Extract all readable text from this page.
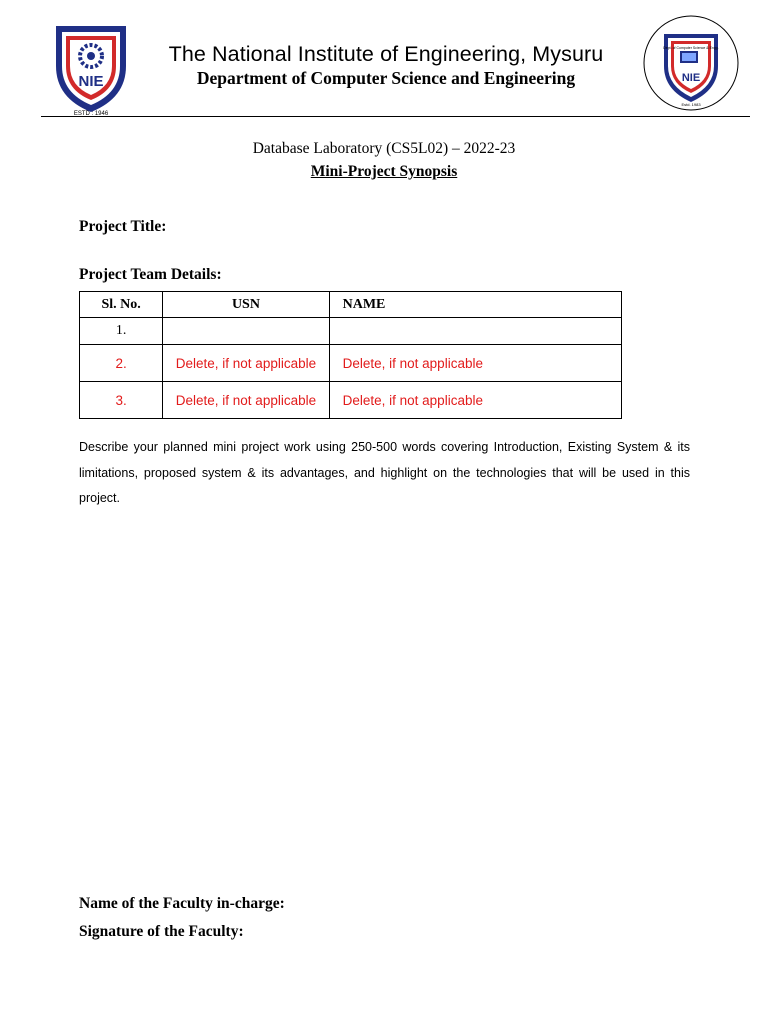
NIE
ESTD : 1946
The National Institute of Engineering, Mysuru
Department of Computer Science and Engineering	NIE
Dept. of Computer Science & Engg.
Estd. 1983
Database Laboratory (CS5L02) – 2022-23
Mini-Project Synopsis
Project Title:
Project Team Details:
Sl. No.	USN	NAME
1.		
2.	Delete, if not applicable	Delete, if not applicable
3.	Delete, if not applicable	Delete, if not applicable
Describe your planned mini project work using 250-500 words covering Introduction, Existing System & its limitations, proposed system & its advantages, and highlight on the technologies that will be used in this project.
Name of the Faculty in-charge:
Signature of the Faculty:
